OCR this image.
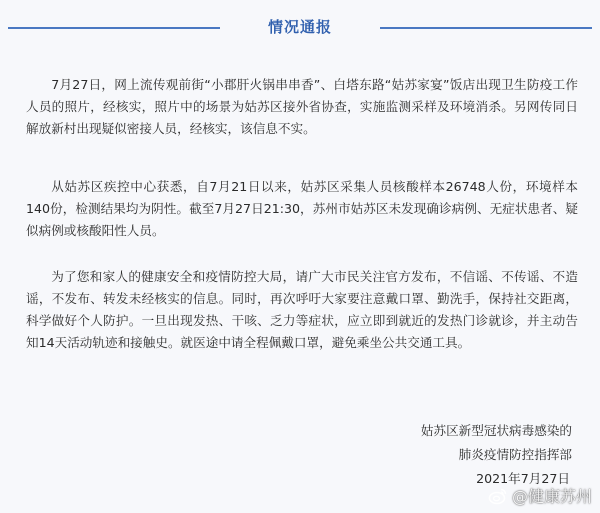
情况通报
7月27日，网上流传观前街“小郡肝火锅串串香”、白塔东路“姑苏家宴”饭店出现卫生防疫工作人员的照片，经核实，照片中的场景为姑苏区接外省协查，实施监测采样及环境消杀。另网传同日解放新村出现疑似密接人员，经核实，该信息不实。
从姑苏区疾控中心获悉，自7月21日以来，姑苏区采集人员核酸样本26748人份，环境样本140份，检测结果均为阴性。截至7月27日21:30，苏州市姑苏区未发现确诊病例、无症状患者、疑似病例或核酸阳性人员。
为了您和家人的健康安全和疫情防控大局，请广大市民关注官方发布，不信谣、不传谣、不造谣，不发布、转发未经核实的信息。同时，再次呼吁大家要注意戴口罩、勤洗手，保持社交距离，科学做好个人防护。一旦出现发热、干咳、乏力等症状，应立即到就近的发热门诊就诊，并主动告知14天活动轨迹和接触史。就医途中请全程佩戴口罩，避免乘坐公共交通工具。
姑苏区新型冠状病毒感染的
肺炎疫情防控指挥部
2021年7月27日
@健康苏州
